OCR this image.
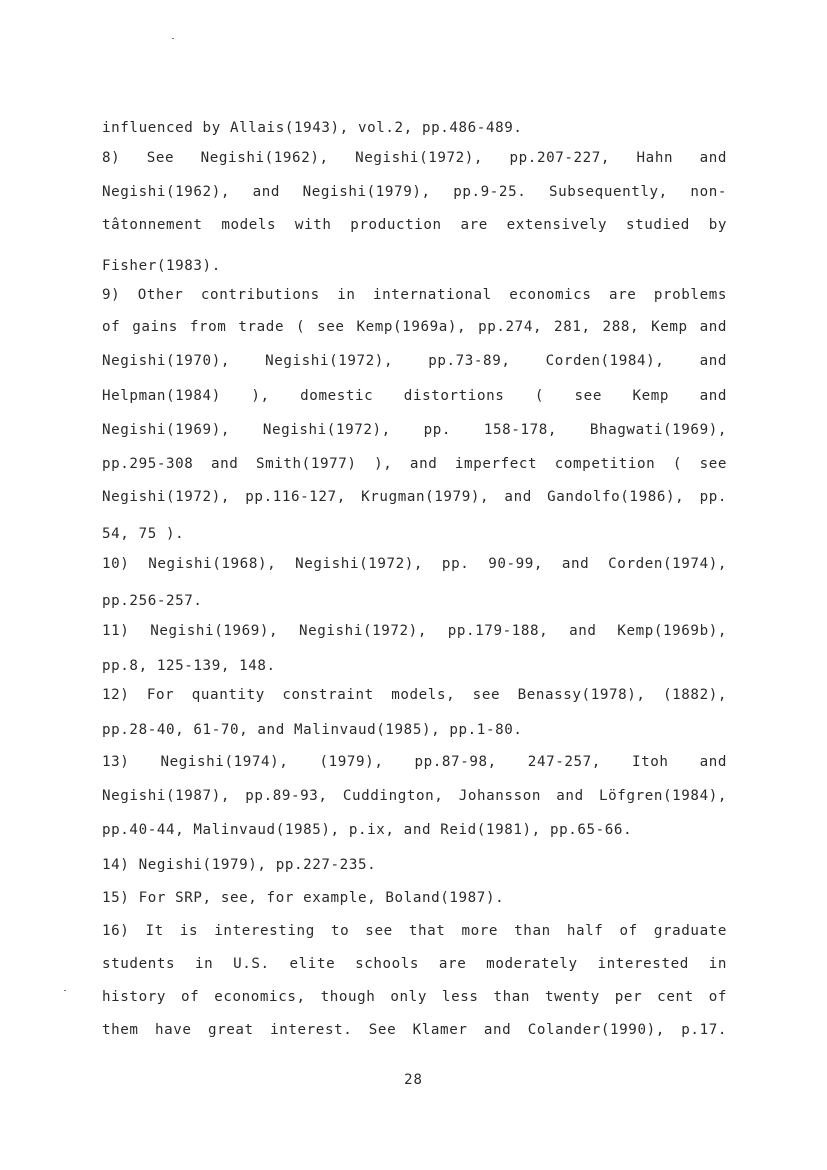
influenced by Allais(1943), vol.2, pp.486-489.
8) See Negishi(1962), Negishi(1972), pp.207-227, Hahn and
Negishi(1962), and Negishi(1979), pp.9-25. Subsequently, non-
tâtonnement models with production are extensively studied by
Fisher(1983).
9) Other contributions in international economics are problems
of gains from trade ( see Kemp(1969a), pp.274, 281, 288, Kemp and
Negishi(1970), Negishi(1972), pp.73-89, Corden(1984), and
Helpman(1984) ), domestic distortions ( see Kemp and
Negishi(1969), Negishi(1972), pp. 158-178, Bhagwati(1969),
pp.295-308 and Smith(1977) ), and imperfect competition ( see
Negishi(1972), pp.116-127, Krugman(1979), and Gandolfo(1986), pp.
54, 75 ).
10) Negishi(1968), Negishi(1972), pp. 90-99, and Corden(1974),
pp.256-257.
11) Negishi(1969), Negishi(1972), pp.179-188, and Kemp(1969b),
pp.8, 125-139, 148.
12) For quantity constraint models, see Benassy(1978), (1882),
pp.28-40, 61-70, and Malinvaud(1985), pp.1-80.
13) Negishi(1974), (1979), pp.87-98, 247-257, Itoh and
Negishi(1987), pp.89-93, Cuddington, Johansson and Löfgren(1984),
pp.40-44, Malinvaud(1985), p.ix, and Reid(1981), pp.65-66.
14) Negishi(1979), pp.227-235.
15) For SRP, see, for example, Boland(1987).
16) It is interesting to see that more than half of graduate
students in U.S. elite schools are moderately interested in
history of economics, though only less than twenty per cent of
them have great interest. See Klamer and Colander(1990), p.17.
28
